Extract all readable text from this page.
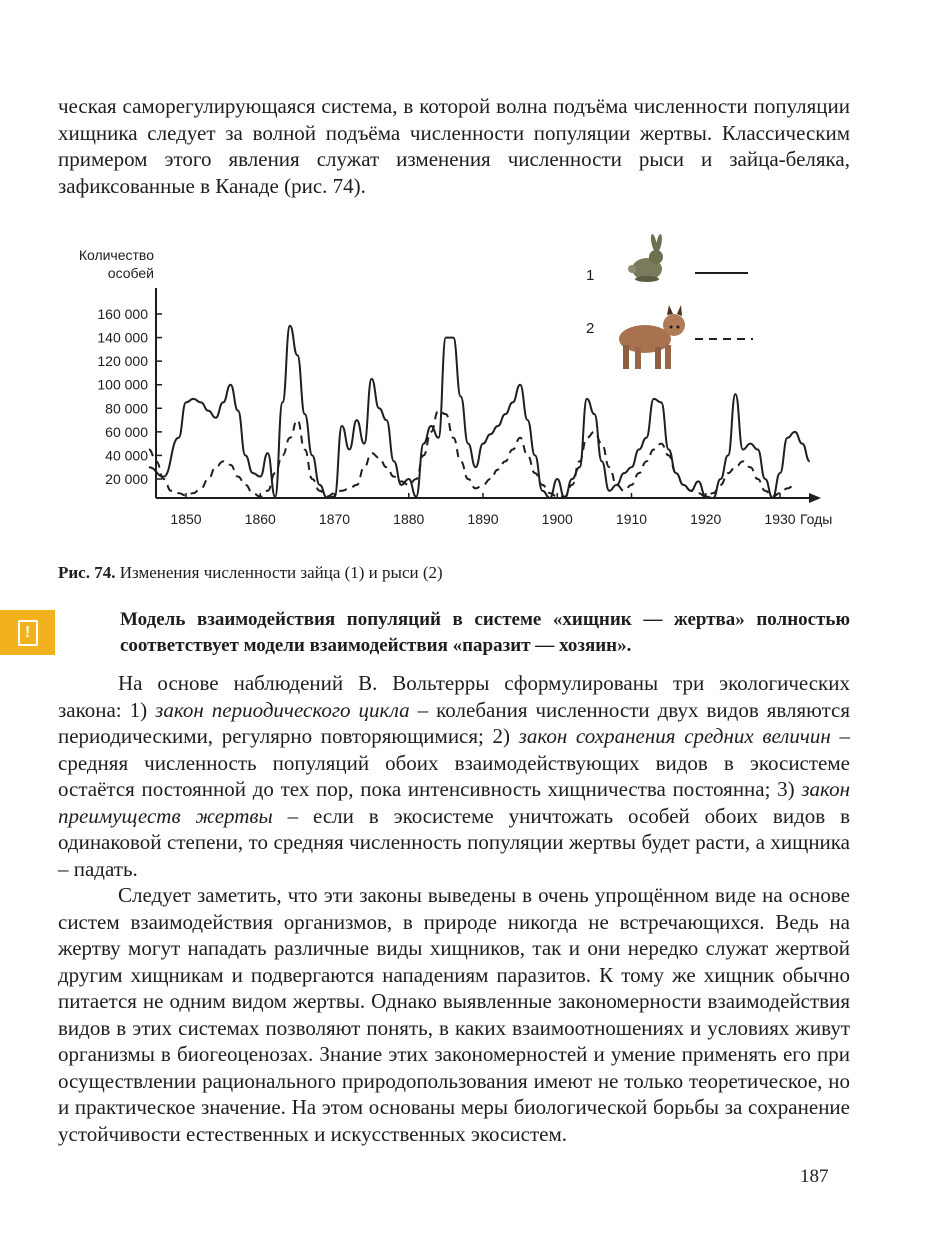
ческая саморегулирующаяся система, в которой волна подъёма численности популяции хищника следует за волной подъёма численности популяции жертвы. Классическим примером этого явления служат изменения численности рыси и зайца-беляка, зафиксованные в Канаде (рис. 74).

Количество
особей
160 000
140 000
120 000
100 000
80 000
60 000
40 000
20 000
1850	1860	1870	1880	1890	1900	1910	1920	1930 Годы
1
2

Рис. 74. Изменения численности зайца (1) и рыси (2)

!

Модель взаимодействия популяций в системе «хищник — жертва» полностью соответствует модели взаимодействия «паразит — хозяин».

На основе наблюдений В. Вольтерры сформулированы три экологических закона: 1) закон периодического цикла – колебания численности двух видов являются периодическими, регулярно повторяющимися; 2) закон сохранения средних величин – средняя численность популяций обоих взаимодействующих видов в экосистеме остаётся постоянной до тех пор, пока интенсивность хищничества постоянна; 3) закон преимуществ жертвы – если в экосистеме уничтожать особей обоих видов в одинаковой степени, то средняя численность популяции жертвы будет расти, а хищника – падать.

Следует заметить, что эти законы выведены в очень упрощённом виде на основе систем взаимодействия организмов, в природе никогда не встречающихся. Ведь на жертву могут нападать различные виды хищников, так и они нередко служат жертвой другим хищникам и подвергаются нападениям паразитов. К тому же хищник обычно питается не одним видом жертвы. Однако выявленные закономерности взаимодействия видов в этих системах позволяют понять, в каких взаимоотношениях и условиях живут организмы в биогеоценозах. Знание этих закономерностей и умение применять его при осуществлении рационального природопользования имеют не только теоретическое, но и практическое значение. На этом основаны меры биологической борьбы за сохранение устойчивости естественных и искусственных экосистем.

187
